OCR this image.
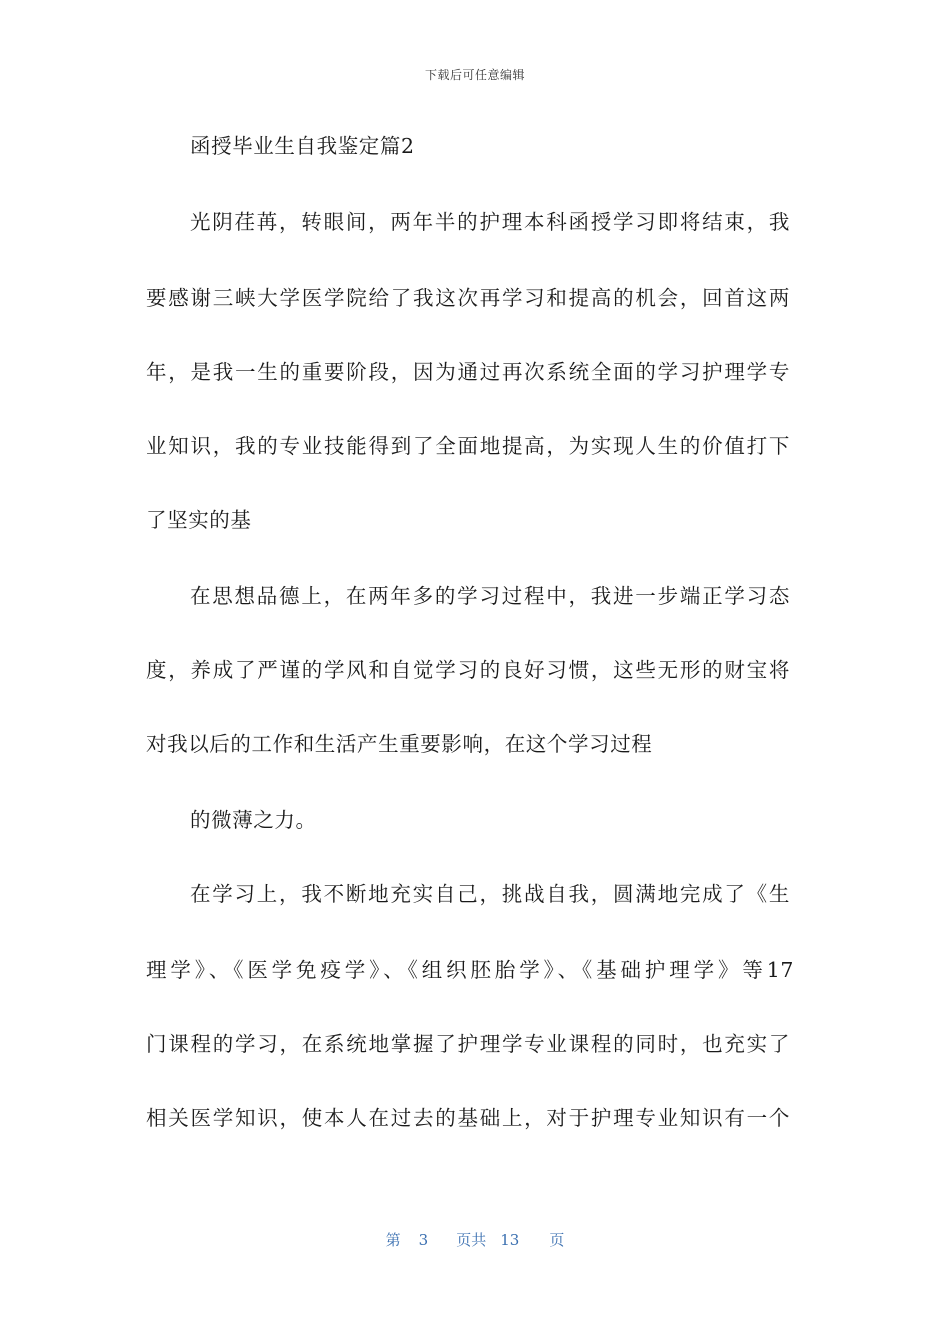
下载后可任意编辑
函授毕业生自我鉴定篇2
光阴荏苒，转眼间，两年半的护理本科函授学习即将结束，我
要感谢三峡大学医学院给了我这次再学习和提高的机会，回首这两
年，是我一生的重要阶段，因为通过再次系统全面的学习护理学专
业知识，我的专业技能得到了全面地提高，为实现人生的价值打下
了坚实的基
在思想品德上，在两年多的学习过程中，我进一步端正学习态
度，养成了严谨的学风和自觉学习的良好习惯，这些无形的财宝将
对我以后的工作和生活产生重要影响，在这个学习过程
的微薄之力。
在学习上，我不断地充实自己，挑战自我，圆满地完成了《生
理学》、《医学免疫学》、《组织胚胎学》、《基础护理学》等17
门课程的学习，在系统地掌握了护理学专业课程的同时，也充实了
相关医学知识，使本人在过去的基础上，对于护理专业知识有一个
第 3 页共 13 页
